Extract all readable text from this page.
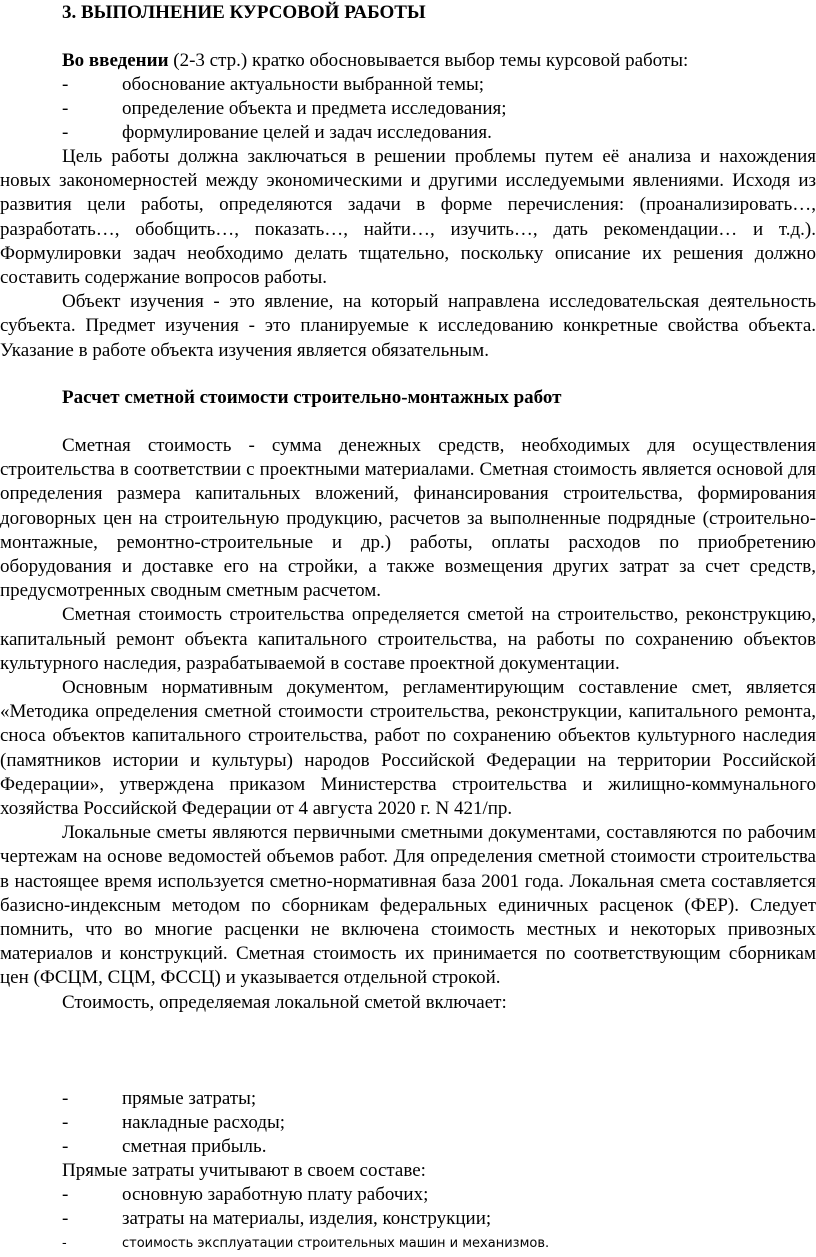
3. ВЫПОЛНЕНИЕ КУРСОВОЙ РАБОТЫ
Во введении (2-3 стр.) кратко обосновывается выбор темы курсовой работы:
-	обоснование актуальности выбранной темы;
-	определение объекта и предмета исследования;
-	формулирование целей и задач исследования.

Цель работы должна заключаться в решении проблемы путем её анализа и нахождения новых закономерностей между экономическими и другими исследуемыми явлениями. Исходя из развития цели работы, определяются задачи в форме перечисления: (проанализировать…, разработать…, обобщить…, показать…, найти…, изучить…, дать рекомендации… и т.д.). Формулировки задач необходимо делать тщательно, поскольку описание их решения должно составить содержание вопросов работы.

Объект изучения - это явление, на который направлена исследовательская деятельность субъекта. Предмет изучения - это планируемые к исследованию конкретные свойства объекта. Указание в работе объекта изучения является обязательным.

Расчет сметной стоимости строительно-монтажных работ

Сметная стоимость - сумма денежных средств, необходимых для осуществления строительства в соответствии с проектными материалами. Сметная стоимость является основой для определения размера капитальных вложений, финансирования строительства, формирования договорных цен на строительную продукцию, расчетов за выполненные подрядные (строительно-монтажные, ремонтно-строительные и др.) работы, оплаты расходов по приобретению оборудования и доставке его на стройки, а также возмещения других затрат за счет средств, предусмотренных сводным сметным расчетом.

Сметная стоимость строительства определяется сметой на строительство, реконструкцию, капитальный ремонт объекта капитального строительства, на работы по сохранению объектов культурного наследия, разрабатываемой в составе проектной документации.

Основным нормативным документом, регламентирующим составление смет, является «Методика определения сметной стоимости строительства, реконструкции, капитального ремонта, сноса объектов капитального строительства, работ по сохранению объектов культурного наследия (памятников истории и культуры) народов Российской Федерации на территории Российской Федерации», утверждена приказом Министерства строительства и жилищно-коммунального хозяйства Российской Федерации от 4 августа 2020 г. N 421/пр.

Локальные сметы являются первичными сметными документами, составляются по рабочим чертежам на основе ведомостей объемов работ. Для определения сметной стоимости строительства в настоящее время используется сметно-нормативная база 2001 года. Локальная смета составляется базисно-индексным методом по сборникам федеральных единичных расценок (ФЕР). Следует помнить, что во многие расценки не включена стоимость местных и некоторых привозных материалов и конструкций. Сметная стоимость их принимается по соответствующим сборникам цен (ФСЦМ, СЦМ, ФССЦ) и указывается отдельной строкой.

Стоимость, определяемая локальной сметой включает:

-	прямые затраты;
-	накладные расходы;
-	сметная прибыль.

Прямые затраты учитывают в своем составе:

-	основную заработную плату рабочих;
-	затраты на материалы, изделия, конструкции;
-	стоимость эксплуатации строительных машин и механизмов.
